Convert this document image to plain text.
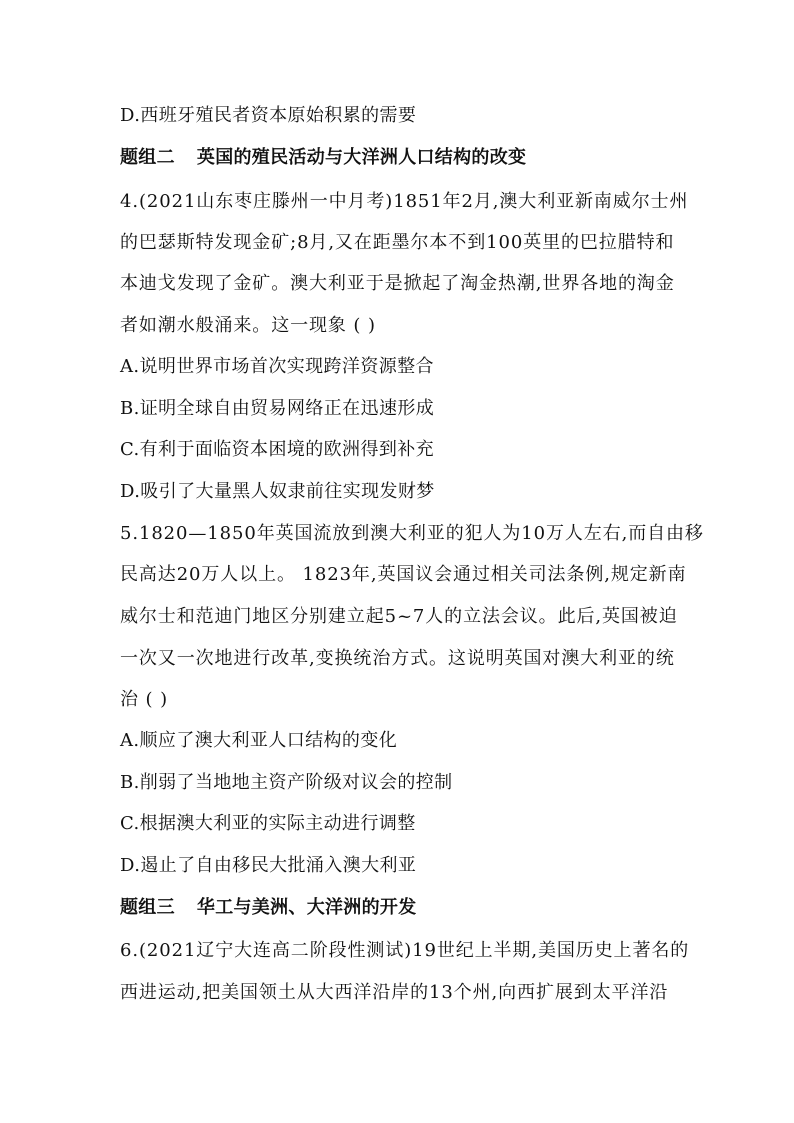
D.西班牙殖民者资本原始积累的需要
题组二 英国的殖民活动与大洋洲人口结构的改变
4.(2021山东枣庄滕州一中月考)1851年2月,澳大利亚新南威尔士州
的巴瑟斯特发现金矿;8月,又在距墨尔本不到100英里的巴拉腊特和
本迪戈发现了金矿。澳大利亚于是掀起了淘金热潮,世界各地的淘金
者如潮水般涌来。这一现象 ( )
A.说明世界市场首次实现跨洋资源整合
B.证明全球自由贸易网络正在迅速形成
C.有利于面临资本困境的欧洲得到补充
D.吸引了大量黑人奴隶前往实现发财梦
5.1820—1850年英国流放到澳大利亚的犯人为10万人左右,而自由移
民高达20万人以上。 1823年,英国议会通过相关司法条例,规定新南
威尔士和范迪门地区分别建立起5~7人的立法会议。此后,英国被迫
一次又一次地进行改革,变换统治方式。这说明英国对澳大利亚的统
治 ( )
A.顺应了澳大利亚人口结构的变化
B.削弱了当地地主资产阶级对议会的控制
C.根据澳大利亚的实际主动进行调整
D.遏止了自由移民大批涌入澳大利亚
题组三 华工与美洲、大洋洲的开发
6.(2021辽宁大连高二阶段性测试)19世纪上半期,美国历史上著名的
西进运动,把美国领土从大西洋沿岸的13个州,向西扩展到太平洋沿
